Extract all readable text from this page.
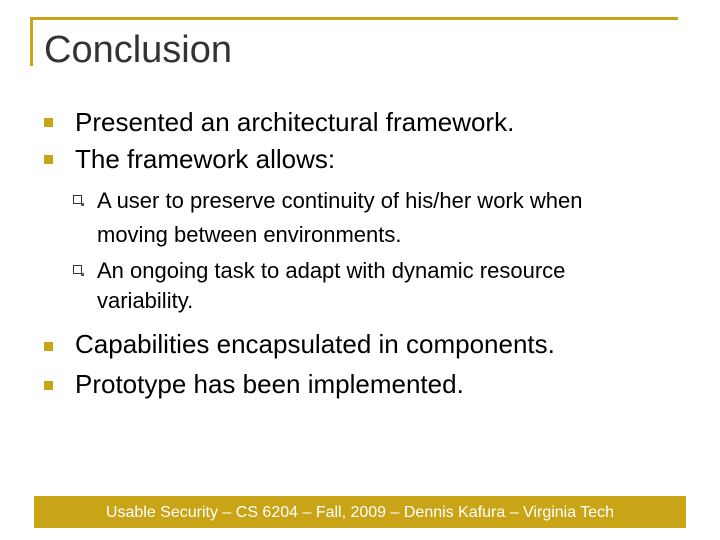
Conclusion
Presented an architectural framework.
The framework allows:
A user to preserve continuity of his/her work when
moving between environments.
An ongoing task to adapt with dynamic resource
variability.
Capabilities encapsulated in components.
Prototype has been implemented.
Usable Security – CS 6204 – Fall, 2009 – Dennis Kafura – Virginia Tech
